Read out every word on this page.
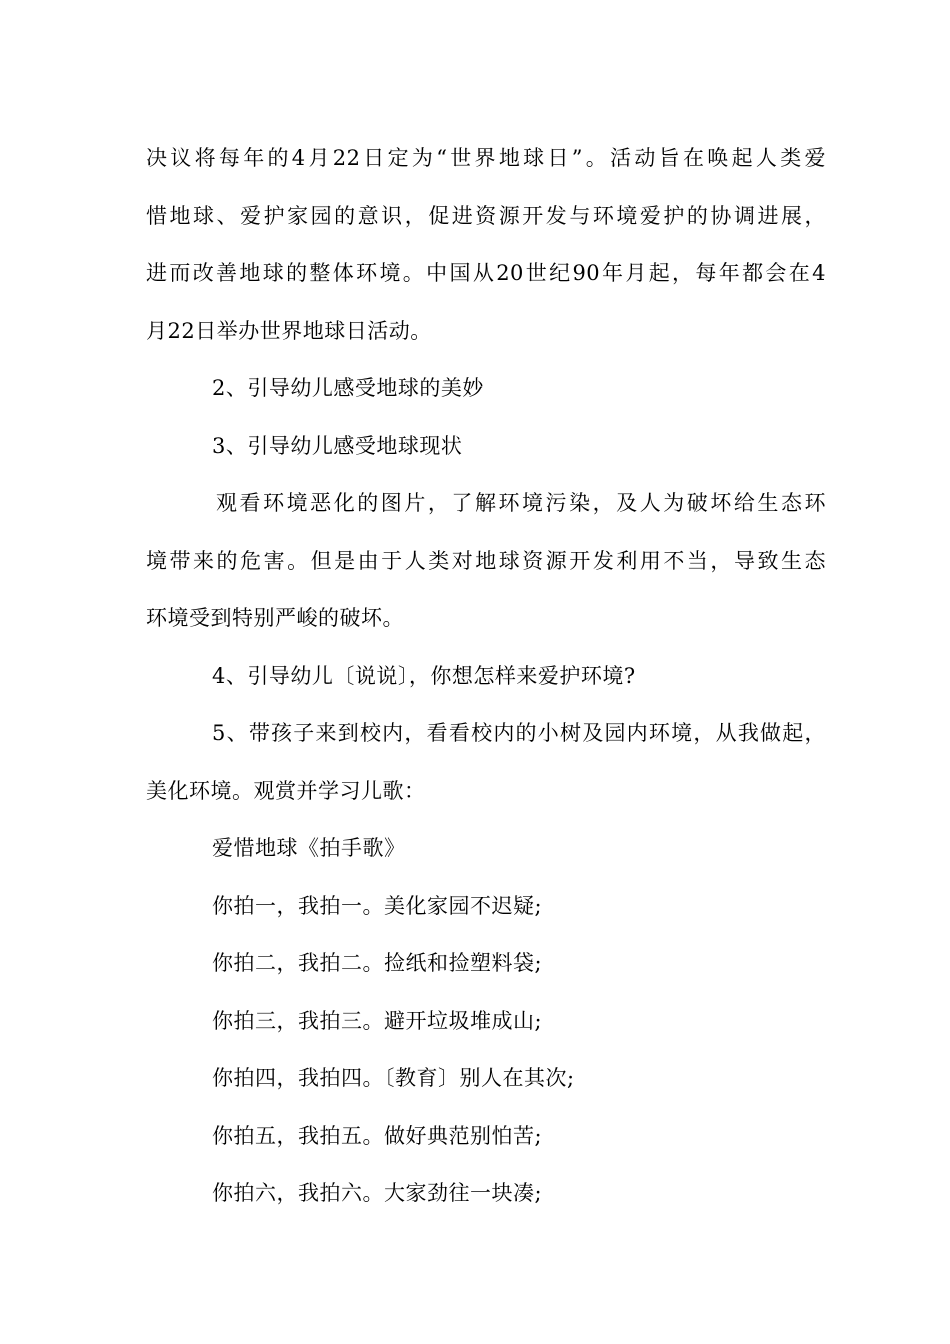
决议将每年的4月22日定为“世界地球日”。活动旨在唤起人类爱
惜地球、爱护家园的意识，促进资源开发与环境爱护的协调进展，
进而改善地球的整体环境。中国从20世纪90年月起，每年都会在4
月22日举办世界地球日活动。
2、引导幼儿感受地球的美妙
3、引导幼儿感受地球现状
观看环境恶化的图片，了解环境污染，及人为破坏给生态环
境带来的危害。但是由于人类对地球资源开发利用不当，导致生态
环境受到特别严峻的破坏。
4、引导幼儿〔说说〕，你想怎样来爱护环境?
5、带孩子来到校内，看看校内的小树及园内环境，从我做起，
美化环境。观赏并学习儿歌：
爱惜地球《拍手歌》
你拍一，我拍一。美化家园不迟疑;
你拍二，我拍二。捡纸和捡塑料袋;
你拍三，我拍三。避开垃圾堆成山;
你拍四，我拍四。〔教育〕别人在其次;
你拍五，我拍五。做好典范别怕苦;
你拍六，我拍六。大家劲往一块凑;
